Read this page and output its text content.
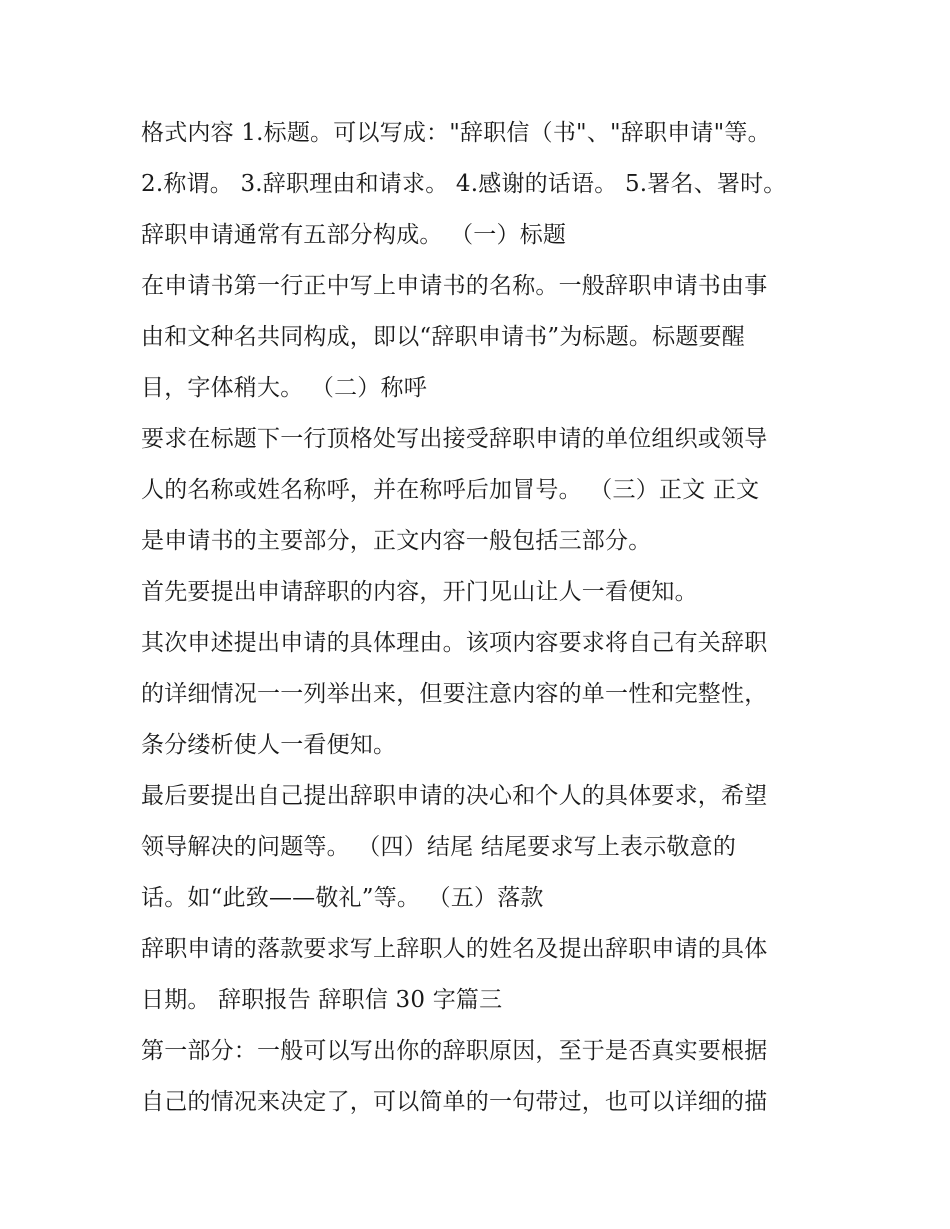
格式内容 1.标题。可以写成："辞职信（书"、"辞职申请"等。
2.称谓。 3.辞职理由和请求。 4.感谢的话语。 5.署名、署时。
辞职申请通常有五部分构成。 （一）标题
在申请书第一行正中写上申请书的名称。一般辞职申请书由事
由和文种名共同构成，即以“辞职申请书”为标题。标题要醒
目，字体稍大。 （二）称呼
要求在标题下一行顶格处写出接受辞职申请的单位组织或领导
人的名称或姓名称呼，并在称呼后加冒号。 （三）正文 正文
是申请书的主要部分，正文内容一般包括三部分。
首先要提出申请辞职的内容，开门见山让人一看便知。
其次申述提出申请的具体理由。该项内容要求将自己有关辞职
的详细情况一一列举出来，但要注意内容的单一性和完整性，
条分缕析使人一看便知。
最后要提出自己提出辞职申请的决心和个人的具体要求，希望
领导解决的问题等。 （四）结尾 结尾要求写上表示敬意的
话。如“此致——敬礼”等。 （五）落款
辞职申请的落款要求写上辞职人的姓名及提出辞职申请的具体
日期。 辞职报告 辞职信 30 字篇三
第一部分：一般可以写出你的辞职原因，至于是否真实要根据
自己的情况来决定了，可以简单的一句带过，也可以详细的描
